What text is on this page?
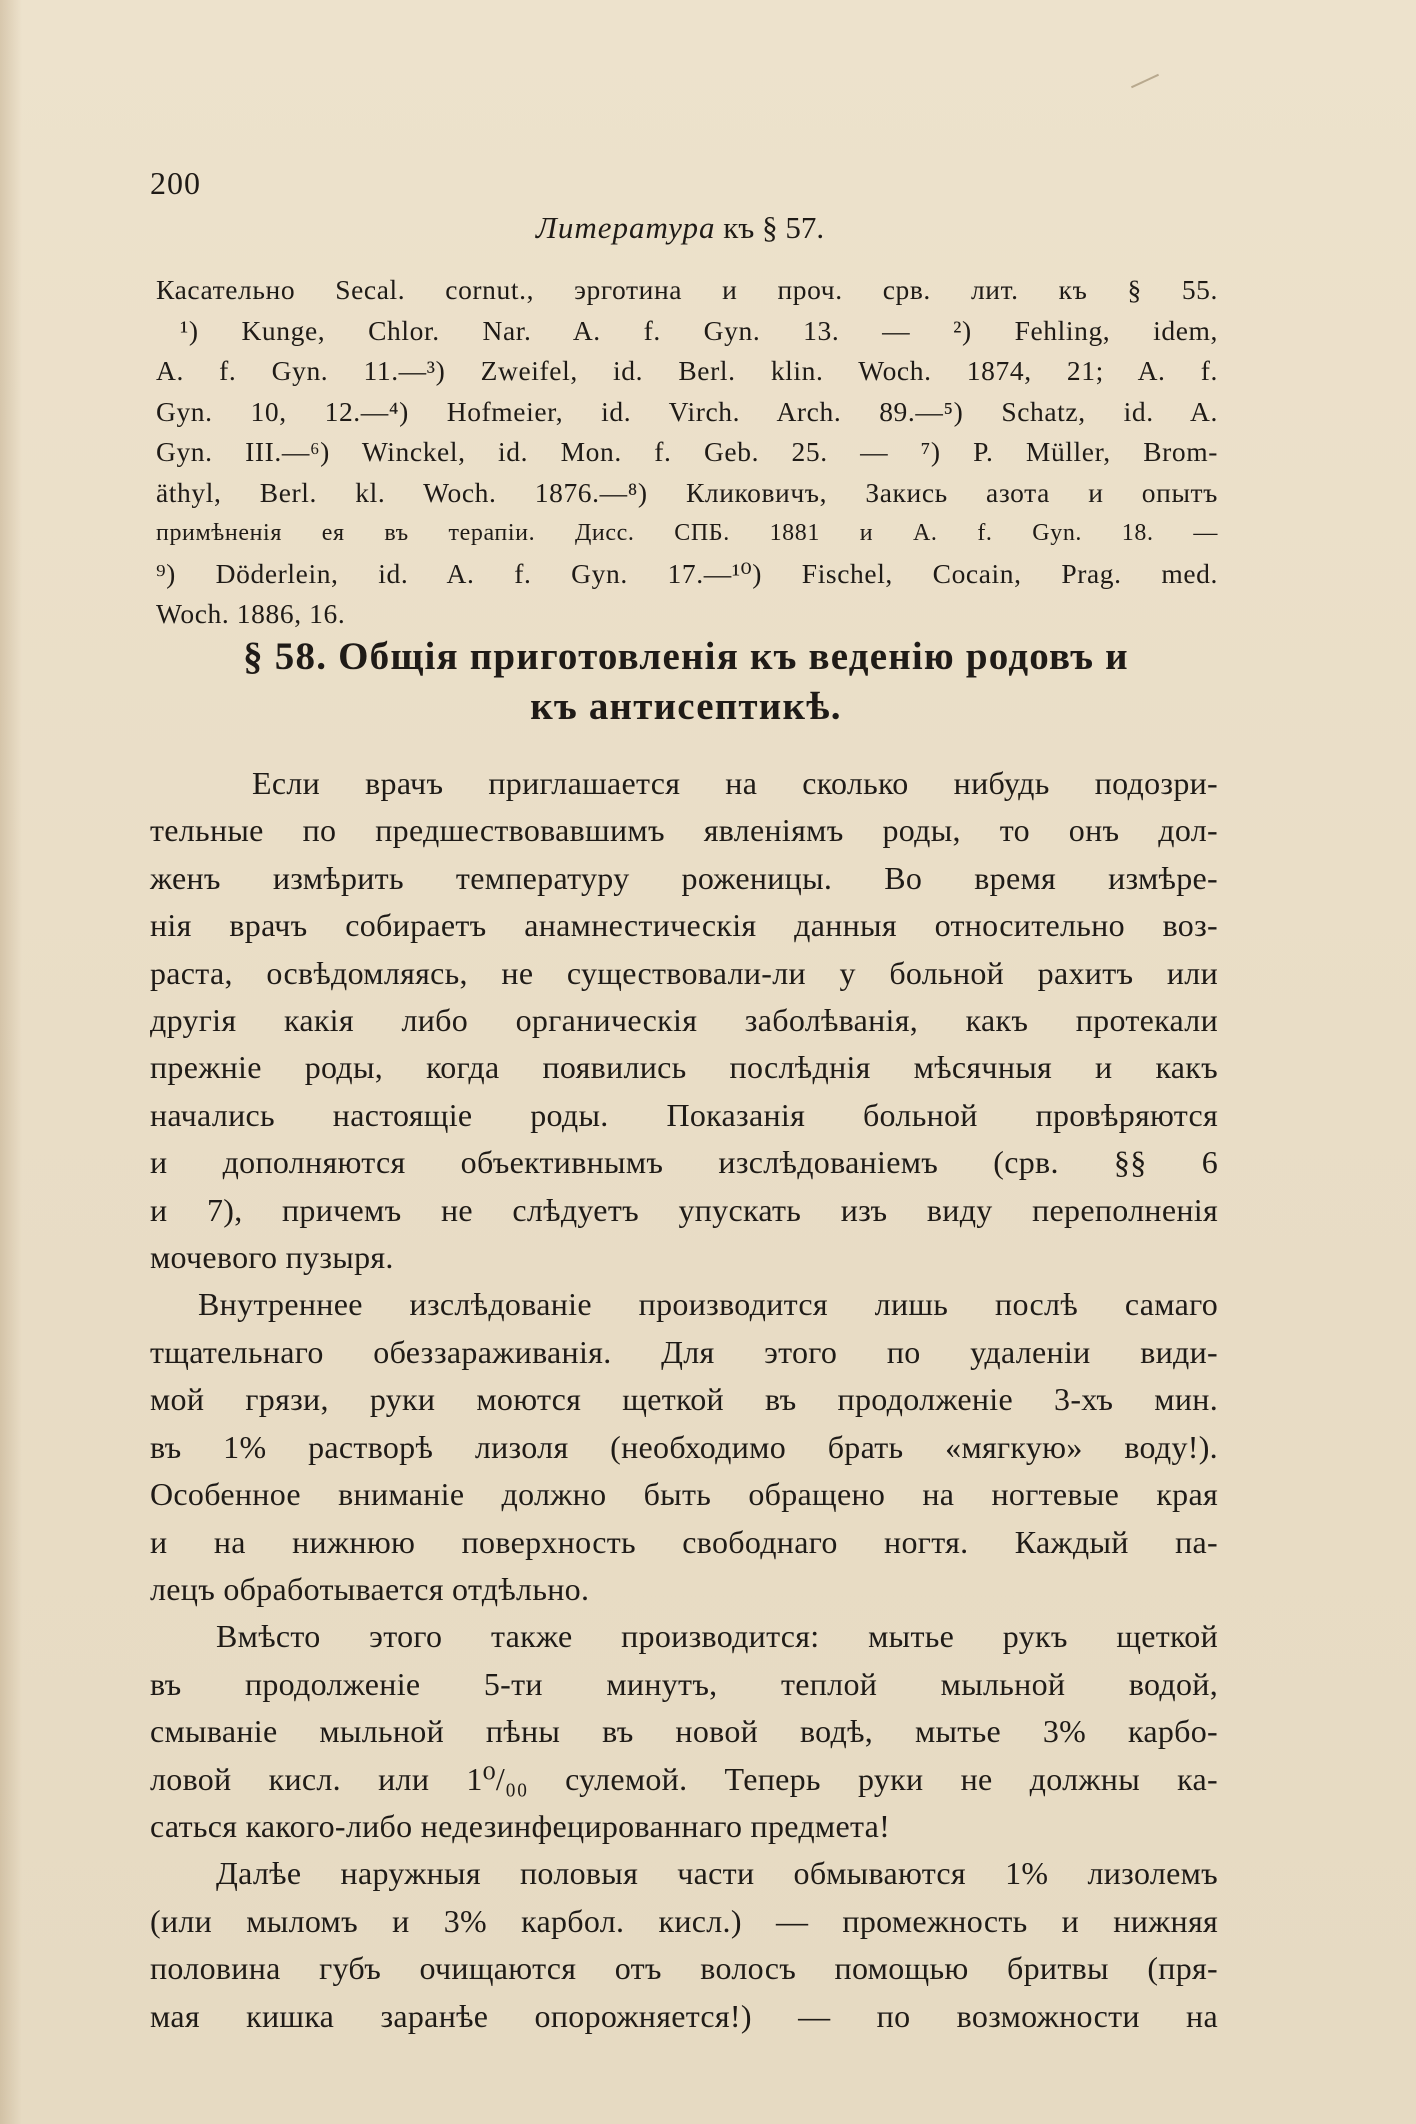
200
Литература къ § 57.
Касательно Secal. cornut., эрготина и проч. срв. лит. къ § 55.
¹) Kunge, Chlor. Nar. A. f. Gyn. 13. — ²) Fehling, idem,
A. f. Gyn. 11.—³) Zweifel, id. Berl. klin. Woch. 1874, 21; A. f.
Gyn. 10, 12.—⁴) Hofmeier, id. Virch. Arch. 89.—⁵) Schatz, id. A.
Gyn. III.—⁶) Winckel, id. Mon. f. Geb. 25. — ⁷) P. Müller, Brom-
äthyl, Berl. kl. Woch. 1876.—⁸) Кликовичъ, Закись азота и опытъ
примѣненія ея въ терапіи. Дисс. СПБ. 1881 и A. f. Gyn. 18. —
⁹) Döderlein, id. A. f. Gyn. 17.—¹⁰) Fischel, Cocain, Prag. med.
Woch. 1886, 16.
§ 58. Общія приготовленія къ веденію родовъ и
къ антисептикѣ.
Если врачъ приглашается на сколько нибудь подозри-
тельные по предшествовавшимъ явленіямъ роды, то онъ дол-
женъ измѣрить температуру роженицы. Во время измѣре-
нія врачъ собираетъ анамнестическія данныя относительно воз-
раста, освѣдомляясь, не существовали-ли у больной рахитъ или
другія какія либо органическія заболѣванія, какъ протекали
прежніе роды, когда появились послѣднія мѣсячныя и какъ
начались настоящіе роды. Показанія больной провѣряются
и дополняются объективнымъ изслѣдованіемъ (срв. §§ 6
и 7), причемъ не слѣдуетъ упускать изъ виду переполненія
мочевого пузыря.
Внутреннее изслѣдованіе производится лишь послѣ самаго
тщательнаго обеззараживанія. Для этого по удаленіи види-
мой грязи, руки моются щеткой въ продолженіе 3-хъ мин.
въ 1% растворѣ лизоля (необходимо брать «мягкую» воду!).
Особенное вниманіе должно быть обращено на ногтевые края
и на нижнюю поверхность свободнаго ногтя. Каждый па-
лецъ обработывается отдѣльно.
Вмѣсто этого также производится: мытье рукъ щеткой
въ продолженіе 5-ти минутъ, теплой мыльной водой,
смываніе мыльной пѣны въ новой водѣ, мытье 3% карбо-
ловой кисл. или 1⁰/₀₀ сулемой. Теперь руки не должны ка-
саться какого-либо недезинфецированнаго предмета!
Далѣе наружныя половыя части обмываются 1% лизолемъ
(или мыломъ и 3% карбол. кисл.) — промежность и нижняя
половина губъ очищаются отъ волосъ помощью бритвы (пря-
мая кишка заранѣе опорожняется!) — по возможности на
